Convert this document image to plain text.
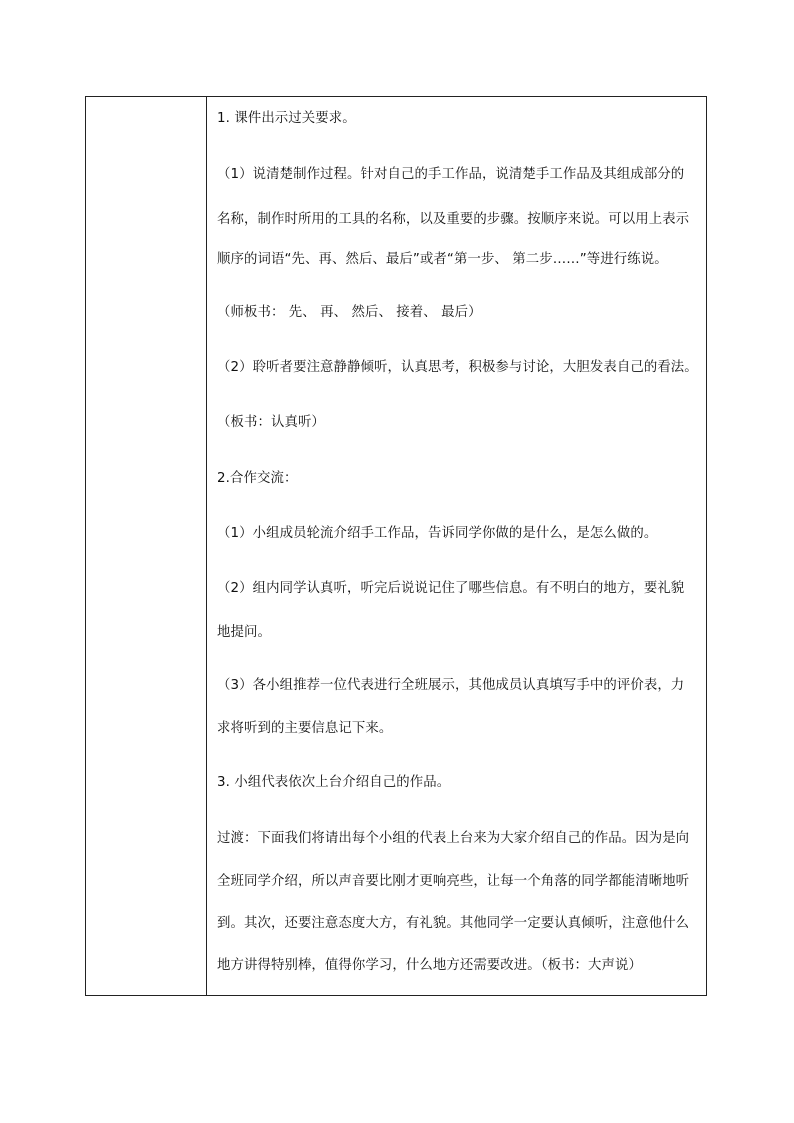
1. 课件出示过关要求。
（1）说清楚制作过程。针对自己的手工作品，说清楚手工作品及其组成部分的
名称，制作时所用的工具的名称，以及重要的步骤。按顺序来说。可以用上表示
顺序的词语“先、再、然后、最后”或者“第一步、 第二步……”等进行练说。
（师板书： 先、 再、 然后、 接着、 最后）
（2）聆听者要注意静静倾听，认真思考，积极参与讨论，大胆发表自己的看法。
（板书：认真听）
2.合作交流：
（1）小组成员轮流介绍手工作品，告诉同学你做的是什么，是怎么做的。
（2）组内同学认真听，听完后说说记住了哪些信息。有不明白的地方，要礼貌
地提问。
（3）各小组推荐一位代表进行全班展示，其他成员认真填写手中的评价表，力
求将听到的主要信息记下来。
3. 小组代表依次上台介绍自己的作品。
过渡：下面我们将请出每个小组的代表上台来为大家介绍自己的作品。因为是向
全班同学介绍，所以声音要比刚才更响亮些，让每一个角落的同学都能清晰地听
到。其次，还要注意态度大方，有礼貌。其他同学一定要认真倾听，注意他什么
地方讲得特别棒，值得你学习，什么地方还需要改进。（板书：大声说）
